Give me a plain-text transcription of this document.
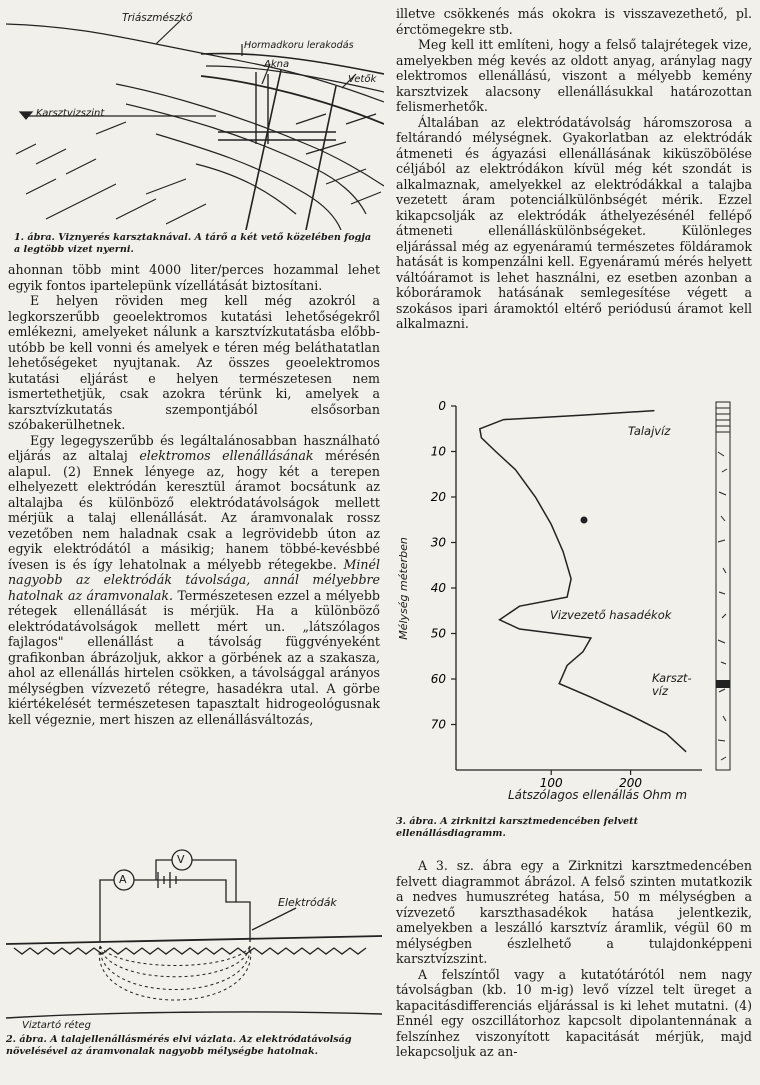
Triászmészkő
Hormadkoru lerakodás
Akna
Vetők
Karsztvizszint
1. ábra. Viznyerés karsztaknával. A tárő a két vető közelében fogja a legtöbb vizet nyerni.

ahonnan több mint 4000 liter/perces hozammal lehet egyik fontos ipartelepünk vízellátását biztosítani.

E helyen röviden meg kell még azokról a legkorszerűbb geoelektromos kutatási lehetőségekről emlékezni, amelyeket nálunk a karsztvízkutatásba előbb-utóbb be kell vonni és amelyek e téren még beláthatatlan lehetőségeket nyujtanak. Az összes geoelektromos kutatási eljárást e helyen természetesen nem ismertethetjük, csak azokra térünk ki, amelyek a karsztvízkutatás szempontjából elsősorban szóbakerülhetnek.

Egy legegyszerűbb és legáltalánosabban használható eljárás az altalaj elektromos ellenállásának mérésén alapul. (2) Ennek lényege az, hogy két a terepen elhelyezett elektródán keresztül áramot bocsátunk az altalajba és különböző elektródatávolságok mellett mérjük a talaj ellenállását. Az áramvonalak rossz vezetőben nem haladnak csak a legrövidebb úton az egyik elektródától a másikig; hanem többé-kevésbbé ívesen is és így lehatolnak a mélyebb rétegekbe. Minél nagyobb az elektródák távolsága, annál mélyebbre hatolnak az áramvonalak. Természetesen ezzel a mélyebb rétegek ellenállását is mérjük. Ha a különböző elektródatávolságok mellett mért un. „látszólagos fajlagos" ellenállást a távolság függvényeként grafikonban ábrázoljuk, akkor a görbének az a szakasza, ahol az ellenállás hirtelen csökken, a távolsággal arányos mélységben vízvezető rétegre, hasadékra utal. A görbe kiértékelését természetesen tapasztalt hidrogeológusnak kell végeznie, mert hiszen az ellenállásváltozás,

A
V
Elektródák
Viztartó réteg
2. ábra. A talajellenállásmérés elvi vázlata. Az elektródatávolság növelésével az áramvonalak nagyobb mélységbe hatolnak.

illetve csökkenés más okokra is visszavezethető, pl. érctömegekre stb.

Meg kell itt említeni, hogy a felső talajrétegek vize, amelyekben még kevés az oldott anyag, aránylag nagy elektromos ellenállású, viszont a mélyebb kemény karsztvizek alacsony ellenállásukkal határozottan felismerhetők.

Általában az elektródatávolság háromszorosa a feltárandó mélységnek. Gyakorlatban az elektródák átmeneti és ágyazási ellenállásának kiküszöbölése céljából az elektródákon kívül még két szondát is alkalmaznak, amelyekkel az elektródákkal a talajba vezetett áram potenciálkülönbségét mérik. Ezzel kikapcsolják az elektródák áthelyezésénél fellépő átmeneti ellenálláskülönbségeket. Különleges eljárással még az egyenáramú természetes földáramok hatását is kompenzálni kell. Egyenáramú mérés helyett váltóáramot is lehet használni, ez esetben azonban a kóboráramok hatásának semlegesítése végett a szokásos ipari áramoktól eltérő periódusú áramot kell alkalmazni.

0
10
20
30
40
50
60
70
100	200
Talajvíz
Vizvezető hasadékok
Karszt-víz
Látszólagos ellenállás Ohm m
Mélység méterben
3. ábra. A zirknitzi karsztmedencében felvett ellenállásdiagramm.

A 3. sz. ábra egy a Zirknitzi karsztmedencében felvett diagrammot ábrázol. A felső szinten mutatkozik a nedves humuszréteg hatása, 50 m mélységben a vízvezető karszthasadékok hatása jelentkezik, amelyekben a leszálló karsztvíz áramlik, végül 60 m mélységben észlelhető a tulajdonképpeni karsztvízszint.

A felszíntől vagy a kutatótárótól nem nagy távolságban (kb. 10 m-ig) levő vízzel telt üreget a kapacitásdifferenciás eljárással is ki lehet mutatni. (4) Ennél egy oszcillátorhoz kapcsolt dipolantennának a felszínhez viszonyított kapacitását mérjük, majd lekapcsoljuk az an-
